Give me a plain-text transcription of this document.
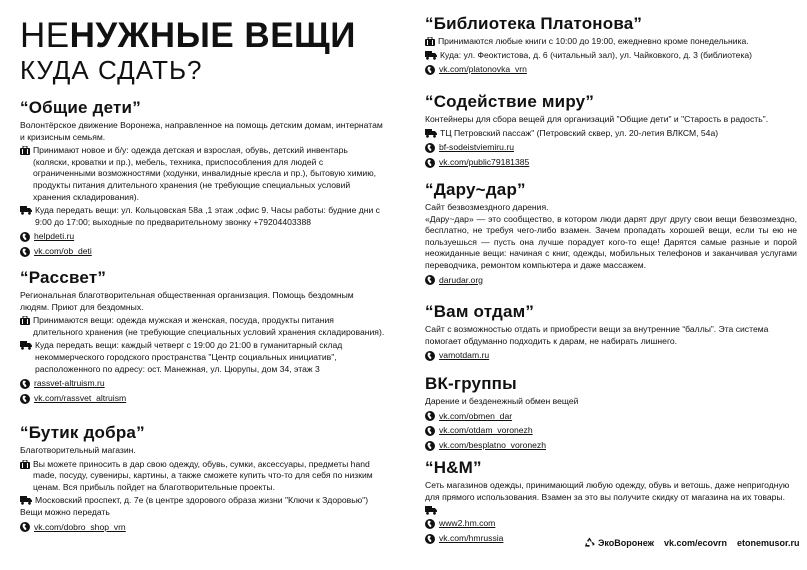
НЕНУЖНЫЕ ВЕЩИ
КУДА СДАТЬ?
“Общие дети”

Волонтёрское движение Воронежа, направленное на помощь детским домам, интернатам и кризисным семьям.

Принимают новое и б/у: одежда детская и взрослая, обувь, детский инвентарь (коляски, кроватки и пр.), мебель, техника, приспособления для людей с ограниченными возможностями (ходунки, инвалидные кресла и пр.), бытовую химию, продукты питания длительного хранения (не требующие специальных условий хранения складирования).
Куда передать вещи: ул. Кольцовская 58а ,1 этаж ,офис 9. Часы работы: будние дни с 9:00 до 17:00; выходные по предварительному звонку +79204403388
helpdeti.ru
vk.com/ob_deti
“Рассвет”

Региональная благотворительная общественная организация. Помощь бездомным людям. Приют для бездомных.

Принимаются вещи: одежда мужская и женская, посуда, продукты питания длительного хранения (не требующие специальных условий хранения складирования).
Куда передать вещи: каждый четверг с 19:00 до 21:00 в гуманитарный склад некоммерческого городского пространства "Центр социальных инициатив", расположенного по адресу: ост. Манежная, ул. Цюрупы, дом 34, этаж 3
rassvet-altruism.ru
vk.com/rassvet_altruism
“Бутик добра”

Благотворительный магазин.

Вы можете приносить в дар свою одежду, обувь, сумки, аксессуары, предметы hand made, посуду, сувениры, картины, а также сможете купить что-то для себя по низким ценам. Вся прибыль пойдет на благотворительные проекты.
Московский проспект, д. 7е (в центре здорового образа жизни "Ключи к Здоровью")

Вещи можно передать

vk.com/dobro_shop_vrn
“Библиотека Платонова”
Принимаются любые книги с 10:00 до 19:00, ежедневно кроме понедельника.
Куда: ул. Феоктистова, д. 6 (читальный зал), ул. Чайковкого, д. 3 (библиотека)
vk.com/platonovka_vrn
“Содействие миру”

Контейнеры для сбора вещей для организаций "Общие дети" и "Старость в радость".

ТЦ Петровский пассаж" (Петровский сквер, ул. 20-летия ВЛКСМ, 54а)
bf-sodeistviemiru.ru
vk.com/public79181385
“Дару~дар”

Сайт безвозмездного дарения.

«Дару~дар» — это сообщество, в котором люди дарят друг другу свои вещи безвозмездно, бесплатно, не требуя чего-либо взамен. Зачем пропадать хорошей вещи, если ты ею не пользуешься — пусть она лучше порадует кого-то еще! Дарятся самые разные и порой неожиданные вещи: начиная с книг, одежды, мобильных телефонов и заканчивая услугами переводчика, ремонтом компьютера и даже массажем.

darudar.org
“Вам отдам”

Сайт с возможностью отдать и приобрести вещи за внутренние “баллы”. Эта система помогает обдуманно подходить к дарам, не набирать лишнего.

vamotdam.ru
ВК-группы

Дарение и безденежный обмен вещей

vk.com/obmen_dar
vk.com/otdam_voronezh
vk.com/besplatno_voronezh
“H&M”

Сеть магазинов одежды, принимающий любую одежду, обувь и ветошь, даже непригодную для прямого использования. Взамен за это вы получите скидку от магазина на их товары.

www2.hm.com
vk.com/hmrussia	ЭкоВоронеж vk.com/ecovrn etonemusor.ru
